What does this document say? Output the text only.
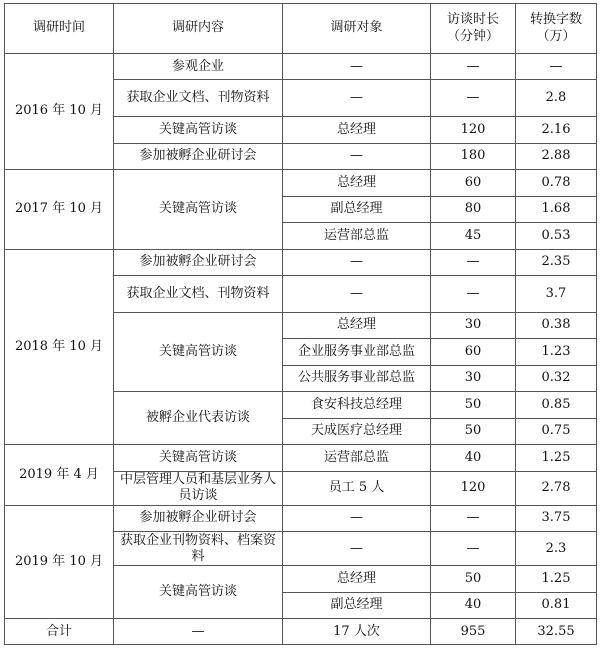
调研时间	调研内容	调研对象	访谈时长（分钟）	转换字数（万）
2016 年 10 月	参观企业	—	—	—
	获取企业文档、刊物资料	—	—	2.8
	关键高管访谈	总经理	120	2.16
	参加被孵企业研讨会	—	180	2.88
2017 年 10 月	关键高管访谈	总经理	60	0.78
		副总经理	80	1.68
		运营部总监	45	0.53
2018 年 10 月	参加被孵企业研讨会	—	—	2.35
	获取企业文档、刊物资料	—	—	3.7
	关键高管访谈	总经理	30	0.38
		企业服务事业部总监	60	1.23
		公共服务事业部总监	30	0.32
	被孵企业代表访谈	食安科技总经理	50	0.85
		天成医疗总经理	50	0.75
2019 年 4 月	关键高管访谈	运营部总监	40	1.25
	中层管理人员和基层业务人员访谈	员工 5 人	120	2.78
2019 年 10 月	参加被孵企业研讨会	—	—	3.75
	获取企业刊物资料、档案资料	—	—	2.3
	关键高管访谈	总经理	50	1.25
		副总经理	40	0.81
合计	—	17 人次	955	32.55
